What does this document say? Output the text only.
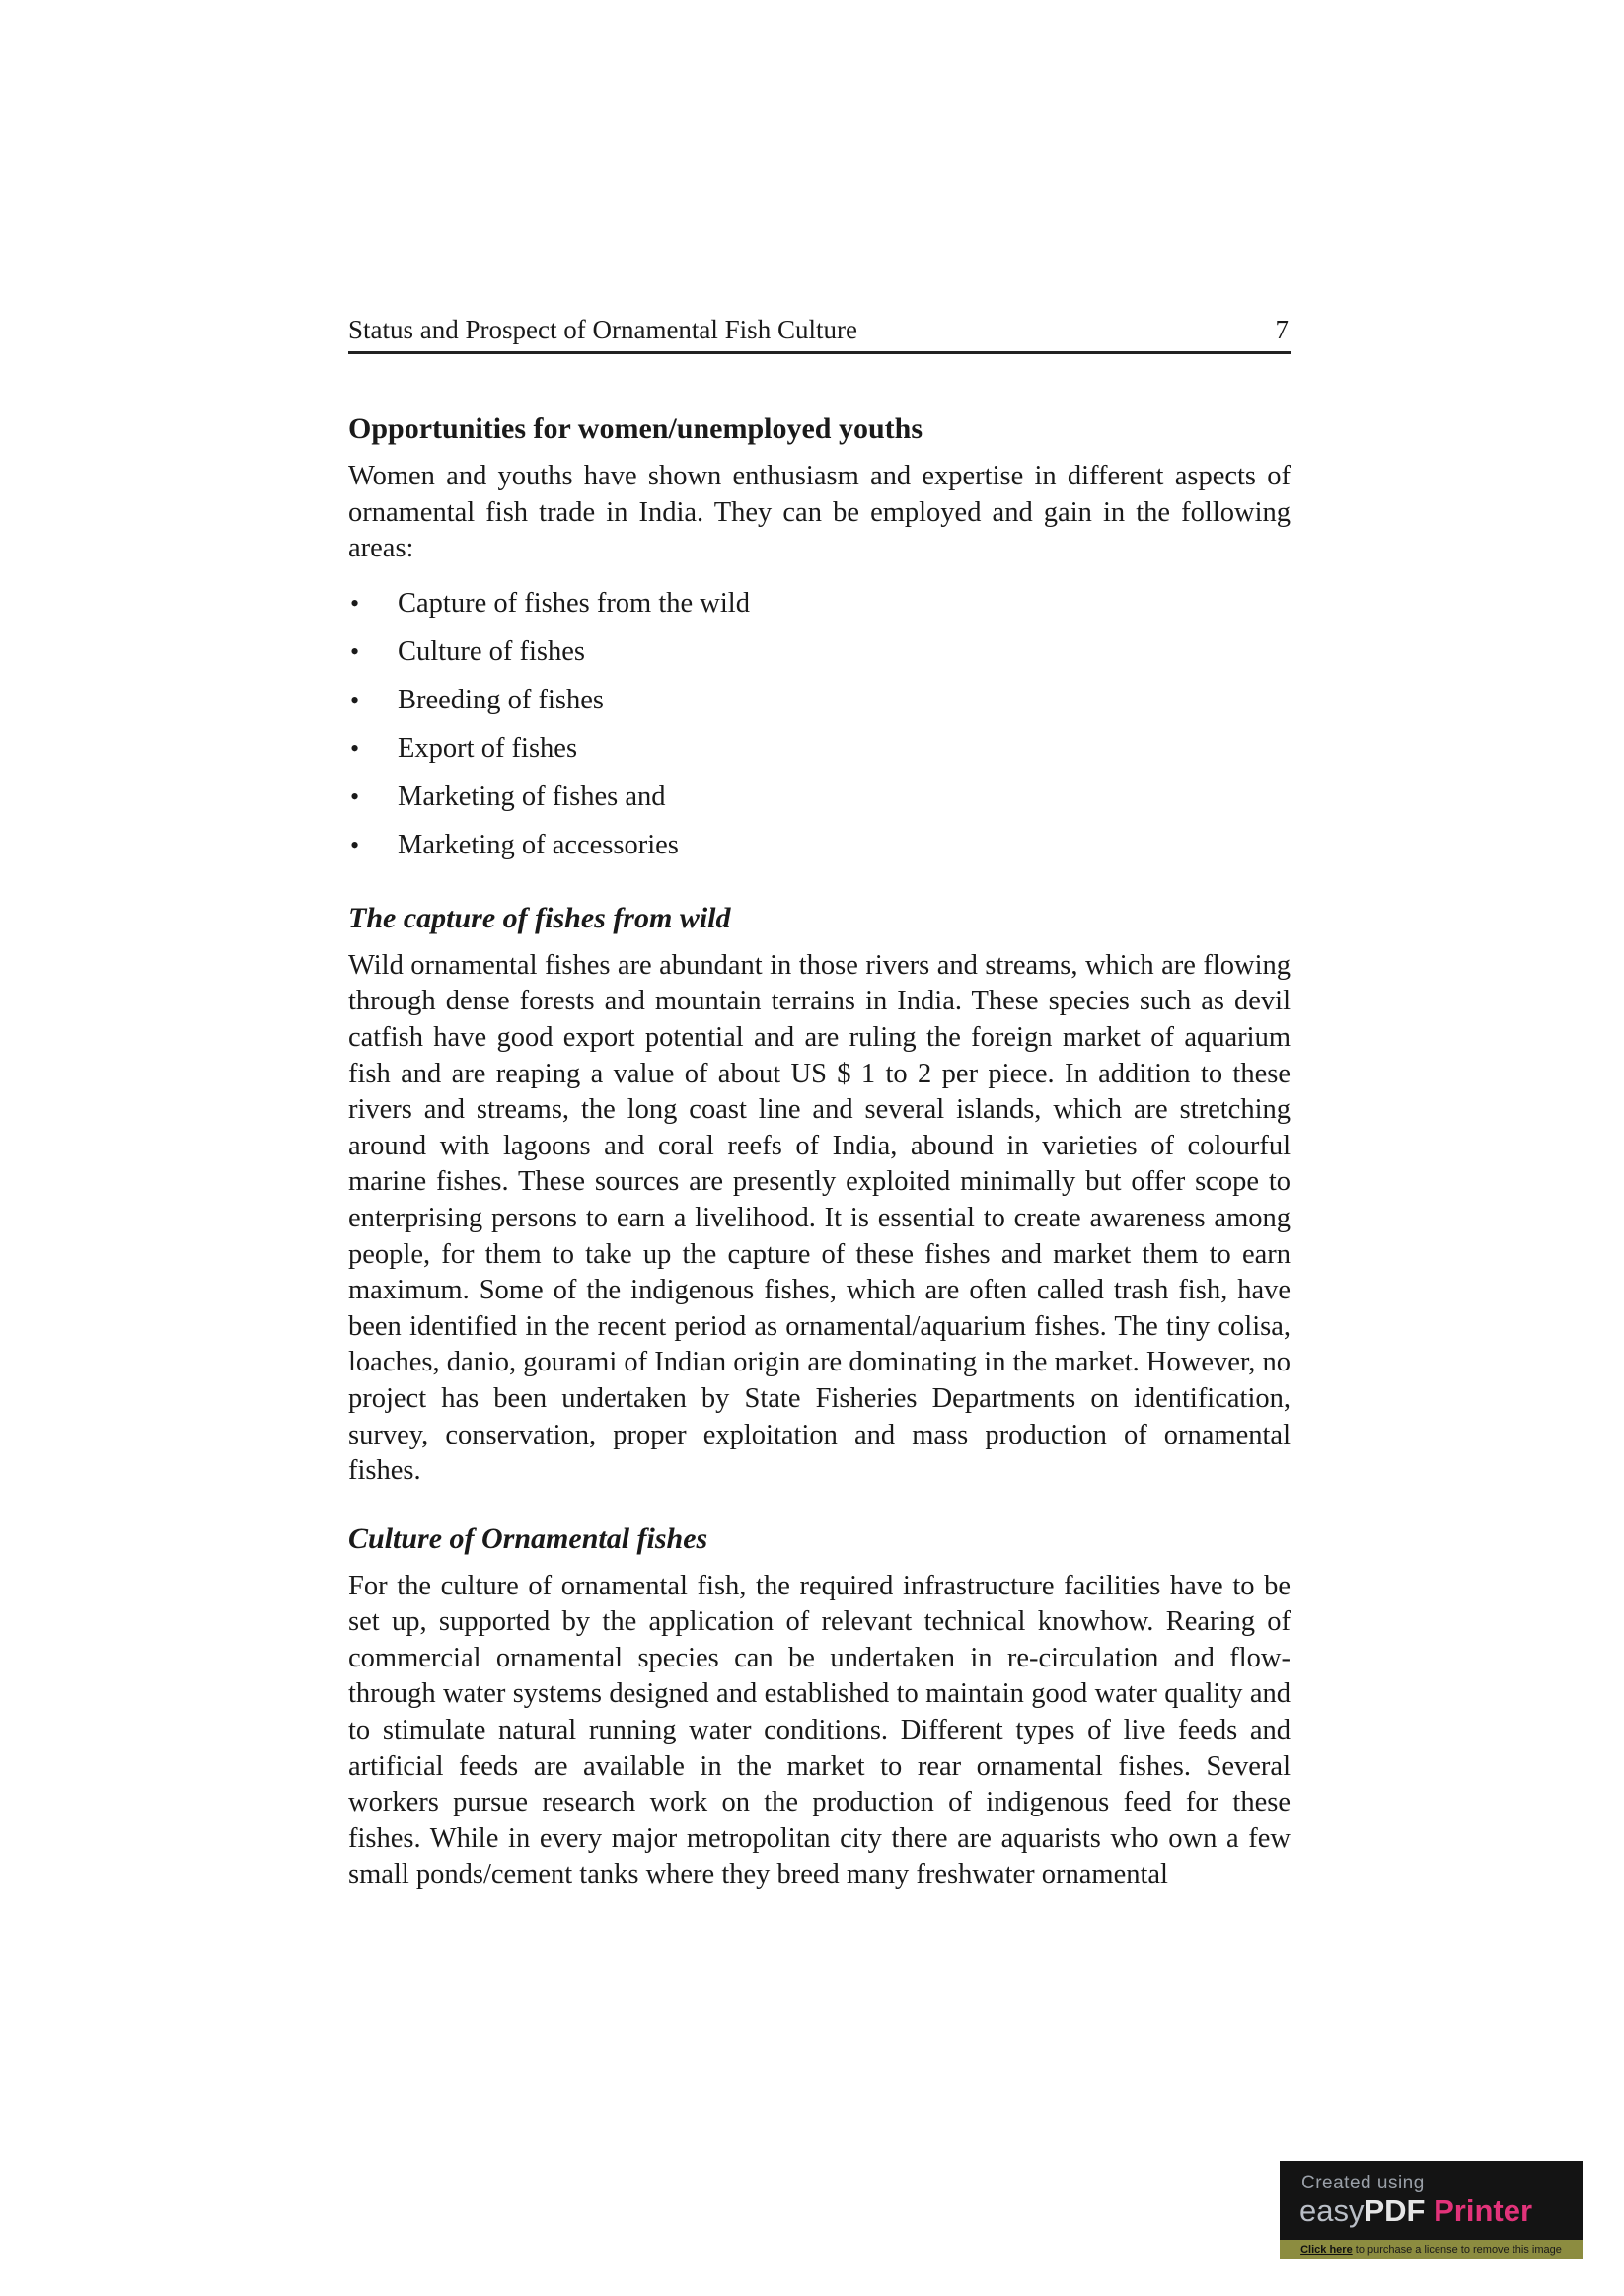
Status and Prospect of Ornamental Fish Culture	7
Opportunities for women/unemployed youths

Women and youths have shown enthusiasm and expertise in different aspects of ornamental fish trade in India. They can be employed and gain in the following areas:

• Capture of fishes from the wild
• Culture of fishes
• Breeding of fishes
• Export of fishes
• Marketing of fishes and
• Marketing of accessories
The capture of fishes from wild

Wild ornamental fishes are abundant in those rivers and streams, which are flowing through dense forests and mountain terrains in India. These species such as devil catfish have good export potential and are ruling the foreign market of aquarium fish and are reaping a value of about US $ 1 to 2 per piece. In addition to these rivers and streams, the long coast line and several islands, which are stretching around with lagoons and coral reefs of India, abound in varieties of colourful marine fishes. These sources are presently exploited minimally but offer scope to enterprising persons to earn a livelihood. It is essential to create awareness among people, for them to take up the capture of these fishes and market them to earn maximum. Some of the indigenous fishes, which are often called trash fish, have been identified in the recent period as ornamental/aquarium fishes. The tiny colisa, loaches, danio, gourami of Indian origin are dominating in the market. However, no project has been undertaken by State Fisheries Departments on identification, survey, conservation, proper exploitation and mass production of ornamental fishes.

Culture of Ornamental fishes

For the culture of ornamental fish, the required infrastructure facilities have to be set up, supported by the application of relevant technical knowhow. Rearing of commercial ornamental species can be undertaken in re-circulation and flow-through water systems designed and established to maintain good water quality and to stimulate natural running water conditions. Different types of live feeds and artificial feeds are available in the market to rear ornamental fishes. Several workers pursue research work on the production of indigenous feed for these fishes. While in every major metropolitan city there are aquarists who own a few small ponds/cement tanks where they breed many freshwater ornamental

Created using
easyPDF Printer
Click here to purchase a license to remove this image
